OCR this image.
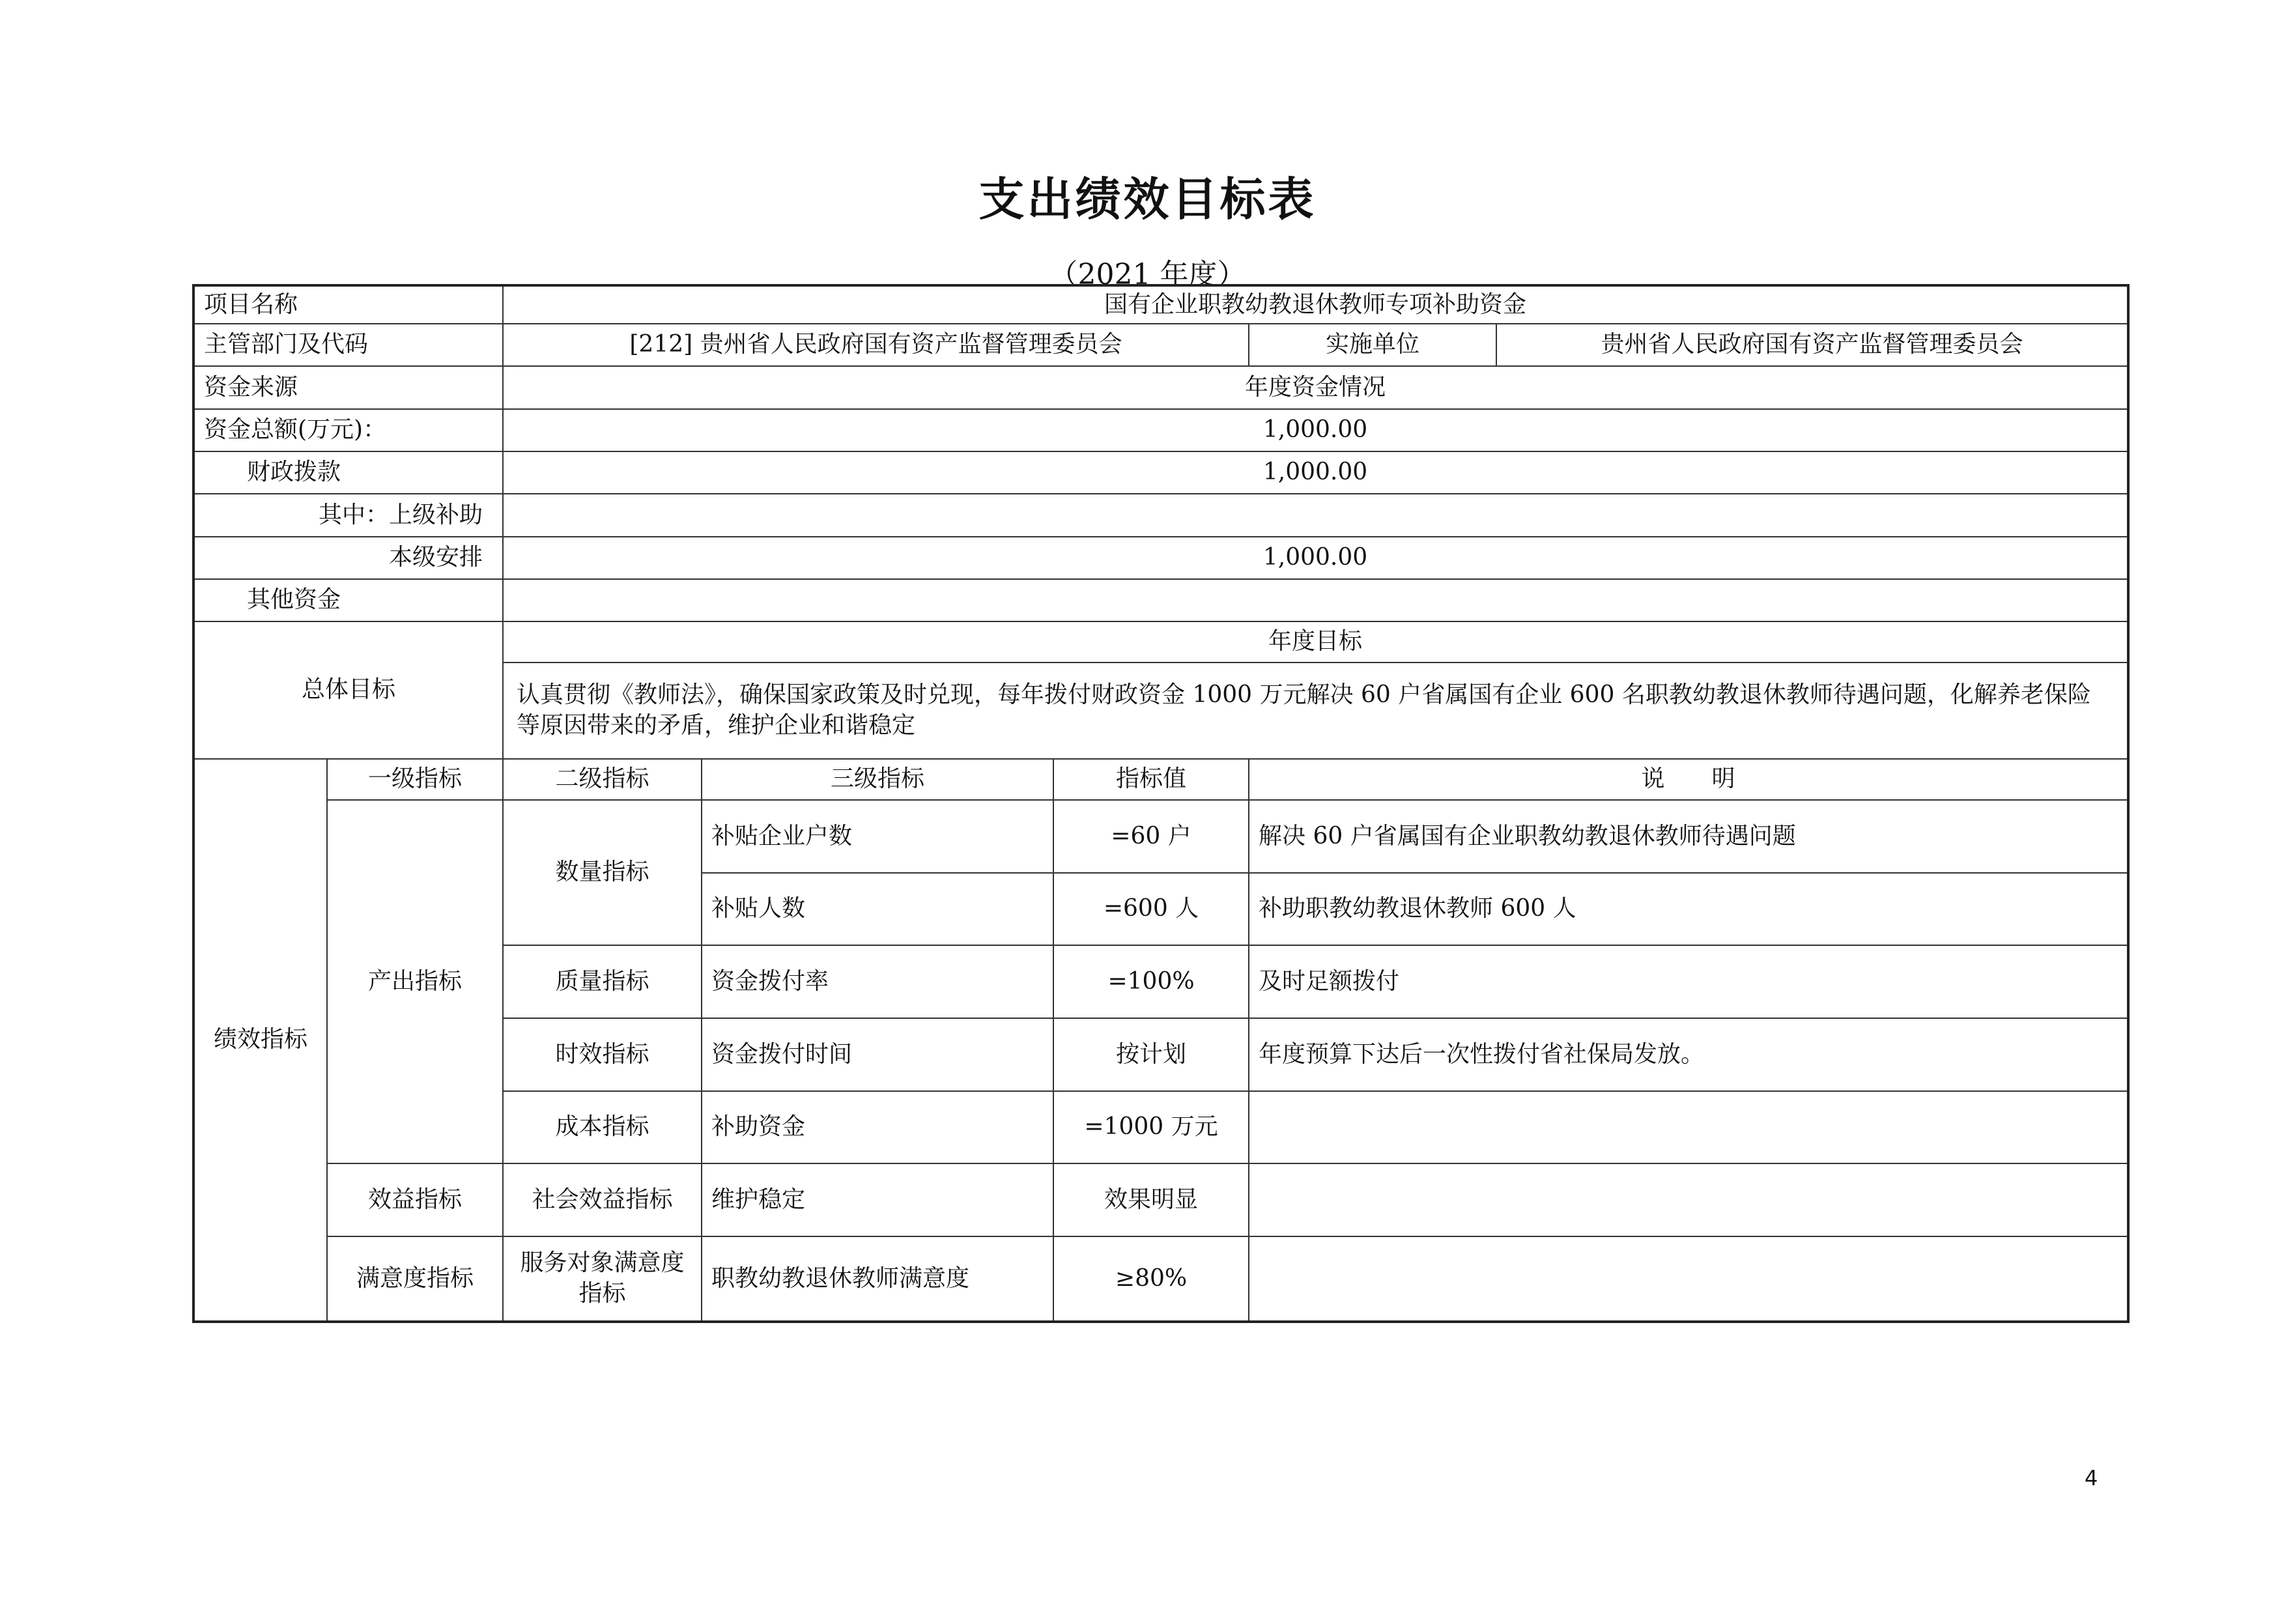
支出绩效目标表
（2021 年度）
项目名称		国有企业职教幼教退休教师专项补助资金				
主管部门及代码		[212] 贵州省人民政府国有资产监督管理委员会			实施单位	贵州省人民政府国有资产监督管理委员会
资金来源		年度资金情况				
资金总额(万元)：		1,000.00				
财政拨款		1,000.00				
其中：上级补助						
本级安排		1,000.00				
其他资金						
总体目标		年度目标				
		认真贯彻《教师法》，确保国家政策及时兑现，每年拨付财政资金 1000 万元解决 60 户省属国有企业 600 名职教幼教退休教师待遇问题，化解养老保险等原因带来的矛盾，维护企业和谐稳定				
绩效指标	一级指标	二级指标	三级指标	指标值	说　　明	
	产出指标	数量指标	补贴企业户数	=60 户	解决 60 户省属国有企业职教幼教退休教师待遇问题	
			补贴人数	=600 人	补助职教幼教退休教师 600 人	
		质量指标	资金拨付率	=100%	及时足额拨付	
		时效指标	资金拨付时间	按计划	年度预算下达后一次性拨付省社保局发放。	
		成本指标	补助资金	=1000 万元		
	效益指标	社会效益指标	维护稳定	效果明显		
	满意度指标	服务对象满意度指标	职教幼教退休教师满意度	≥80%		
4
